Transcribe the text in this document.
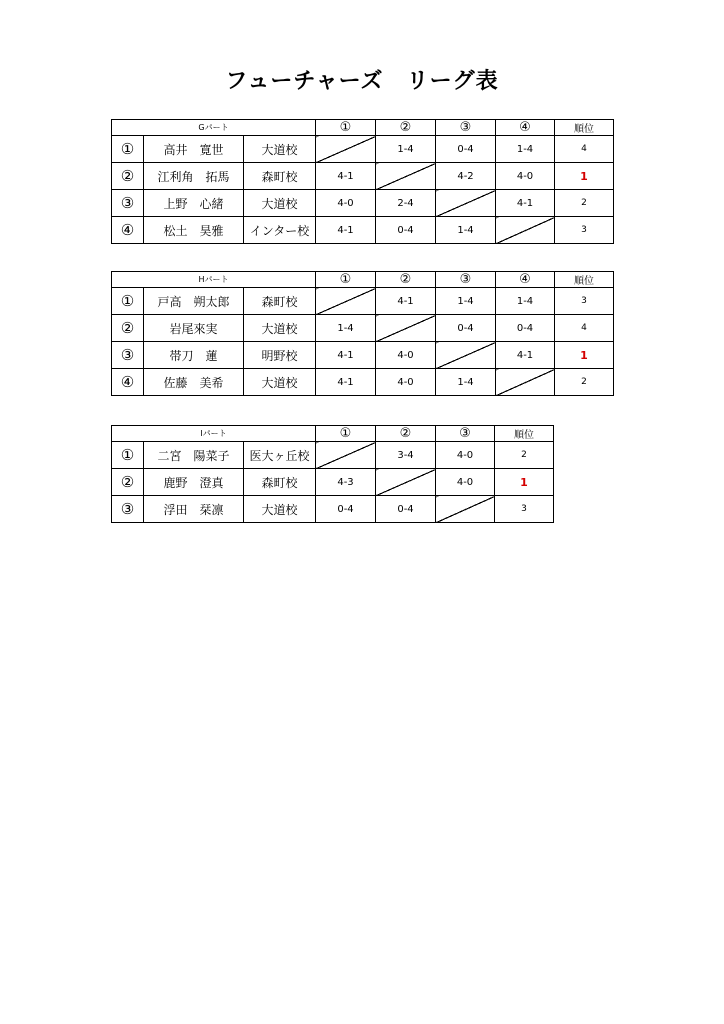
フューチャーズ　リーグ表
Gパート			①	②	③	④	順位
①	高井　寛世	大道校		1-4	0-4	1-4	4
②	江利角　拓馬	森町校	4-1		4-2	4-0	1
③	上野　心緒	大道校	4-0	2-4		4-1	2
④	松土　昊雅	インター校	4-1	0-4	1-4		3
Hパート			①	②	③	④	順位
①	戸高　朔太郎	森町校		4-1	1-4	1-4	3
②	岩尾來実	大道校	1-4		0-4	0-4	4
③	帯刀　蓮	明野校	4-1	4-0		4-1	1
④	佐藤　美希	大道校	4-1	4-0	1-4		2
Iパート			①	②	③	順位
①	二宮　陽菜子	医大ヶ丘校		3-4	4-0	2
②	鹿野　澄真	森町校	4-3		4-0	1
③	浮田　栞凛	大道校	0-4	0-4		3
